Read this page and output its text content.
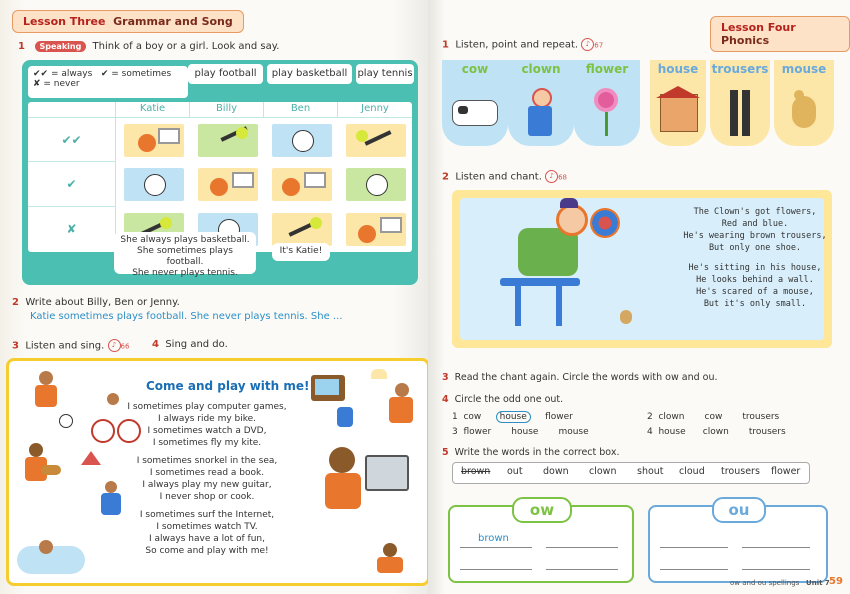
Lesson Three Grammar and Song
1 Speaking Think of a boy or a girl. Look and say.
✔✔ = always ✔ = sometimes
✘ = never
play football	play basketball	play tennis
Katie	Billy	Ben	Jenny
✔✔
✔
✘
She always plays basketball.
She sometimes plays football.
She never plays tennis.
It's Katie!
2 Write about Billy, Ben or Jenny.
Katie sometimes plays football. She never plays tennis. She ...
3 Listen and sing. ♪ 66 4 Sing and do.
Come and play with me!
I sometimes play computer games,
I always ride my bike.
I sometimes watch a DVD,
I sometimes fly my kite.
I sometimes snorkel in the sea,
I sometimes read a book.
I always play my new guitar,
I never shop or cook.
I sometimes surf the Internet,
I sometimes watch TV.
I always have a lot of fun,
So come and play with me!
Lesson Four  Phonics
1 Listen, point and repeat. ♪ 67
cow	clown	flower	house	trousers	mouse
2 Listen and chant. ♪ 68
The Clown's got flowers,
Red and blue.
He's wearing brown trousers,
But only one shoe.
He's sitting in his house,
He looks behind a wall.
He's scared of a mouse,
But it's only small.
3 Read the chant again. Circle the words with ow and ou.
4 Circle the odd one out.
1 cow house flower	2 clown cow trousers
3 flower house mouse	4 house clown trousers
5 Write the words in the correct box.
brown out down clown shout cloud trousers flower
ow
brown
ou
ow and ou spellings Unit 7 59
